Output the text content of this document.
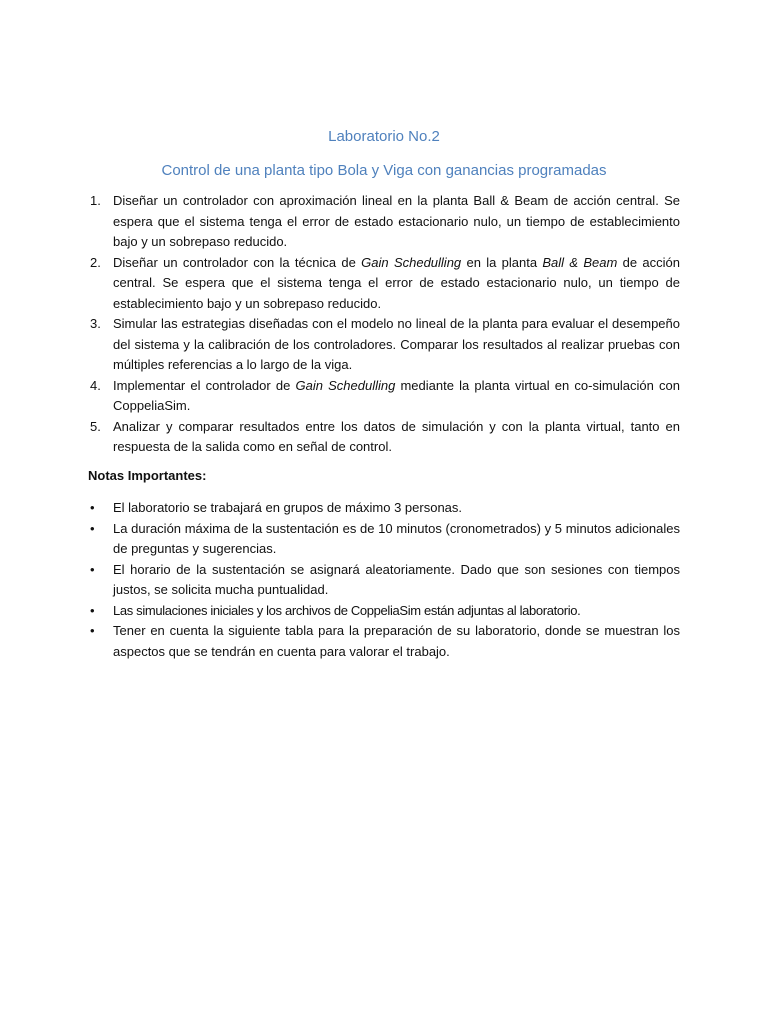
Laboratorio No.2
Control de una planta tipo Bola y Viga con ganancias programadas
1. Diseñar un controlador con aproximación lineal en la planta Ball & Beam de acción central. Se espera que el sistema tenga el error de estado estacionario nulo, un tiempo de establecimiento bajo y un sobrepaso reducido.
2. Diseñar un controlador con la técnica de Gain Schedulling en la planta Ball & Beam de acción central. Se espera que el sistema tenga el error de estado estacionario nulo, un tiempo de establecimiento bajo y un sobrepaso reducido.
3. Simular las estrategias diseñadas con el modelo no lineal de la planta para evaluar el desempeño del sistema y la calibración de los controladores. Comparar los resultados al realizar pruebas con múltiples referencias a lo largo de la viga.
4. Implementar el controlador de Gain Schedulling mediante la planta virtual en co-simulación con CoppeliaSim.
5. Analizar y comparar resultados entre los datos de simulación y con la planta virtual, tanto en respuesta de la salida como en señal de control.
Notas Importantes:
• El laboratorio se trabajará en grupos de máximo 3 personas.
• La duración máxima de la sustentación es de 10 minutos (cronometrados) y 5 minutos adicionales de preguntas y sugerencias.
• El horario de la sustentación se asignará aleatoriamente. Dado que son sesiones con tiempos justos, se solicita mucha puntualidad.
• Las simulaciones iniciales y los archivos de CoppeliaSim están adjuntas al laboratorio.
• Tener en cuenta la siguiente tabla para la preparación de su laboratorio, donde se muestran los aspectos que se tendrán en cuenta para valorar el trabajo.
